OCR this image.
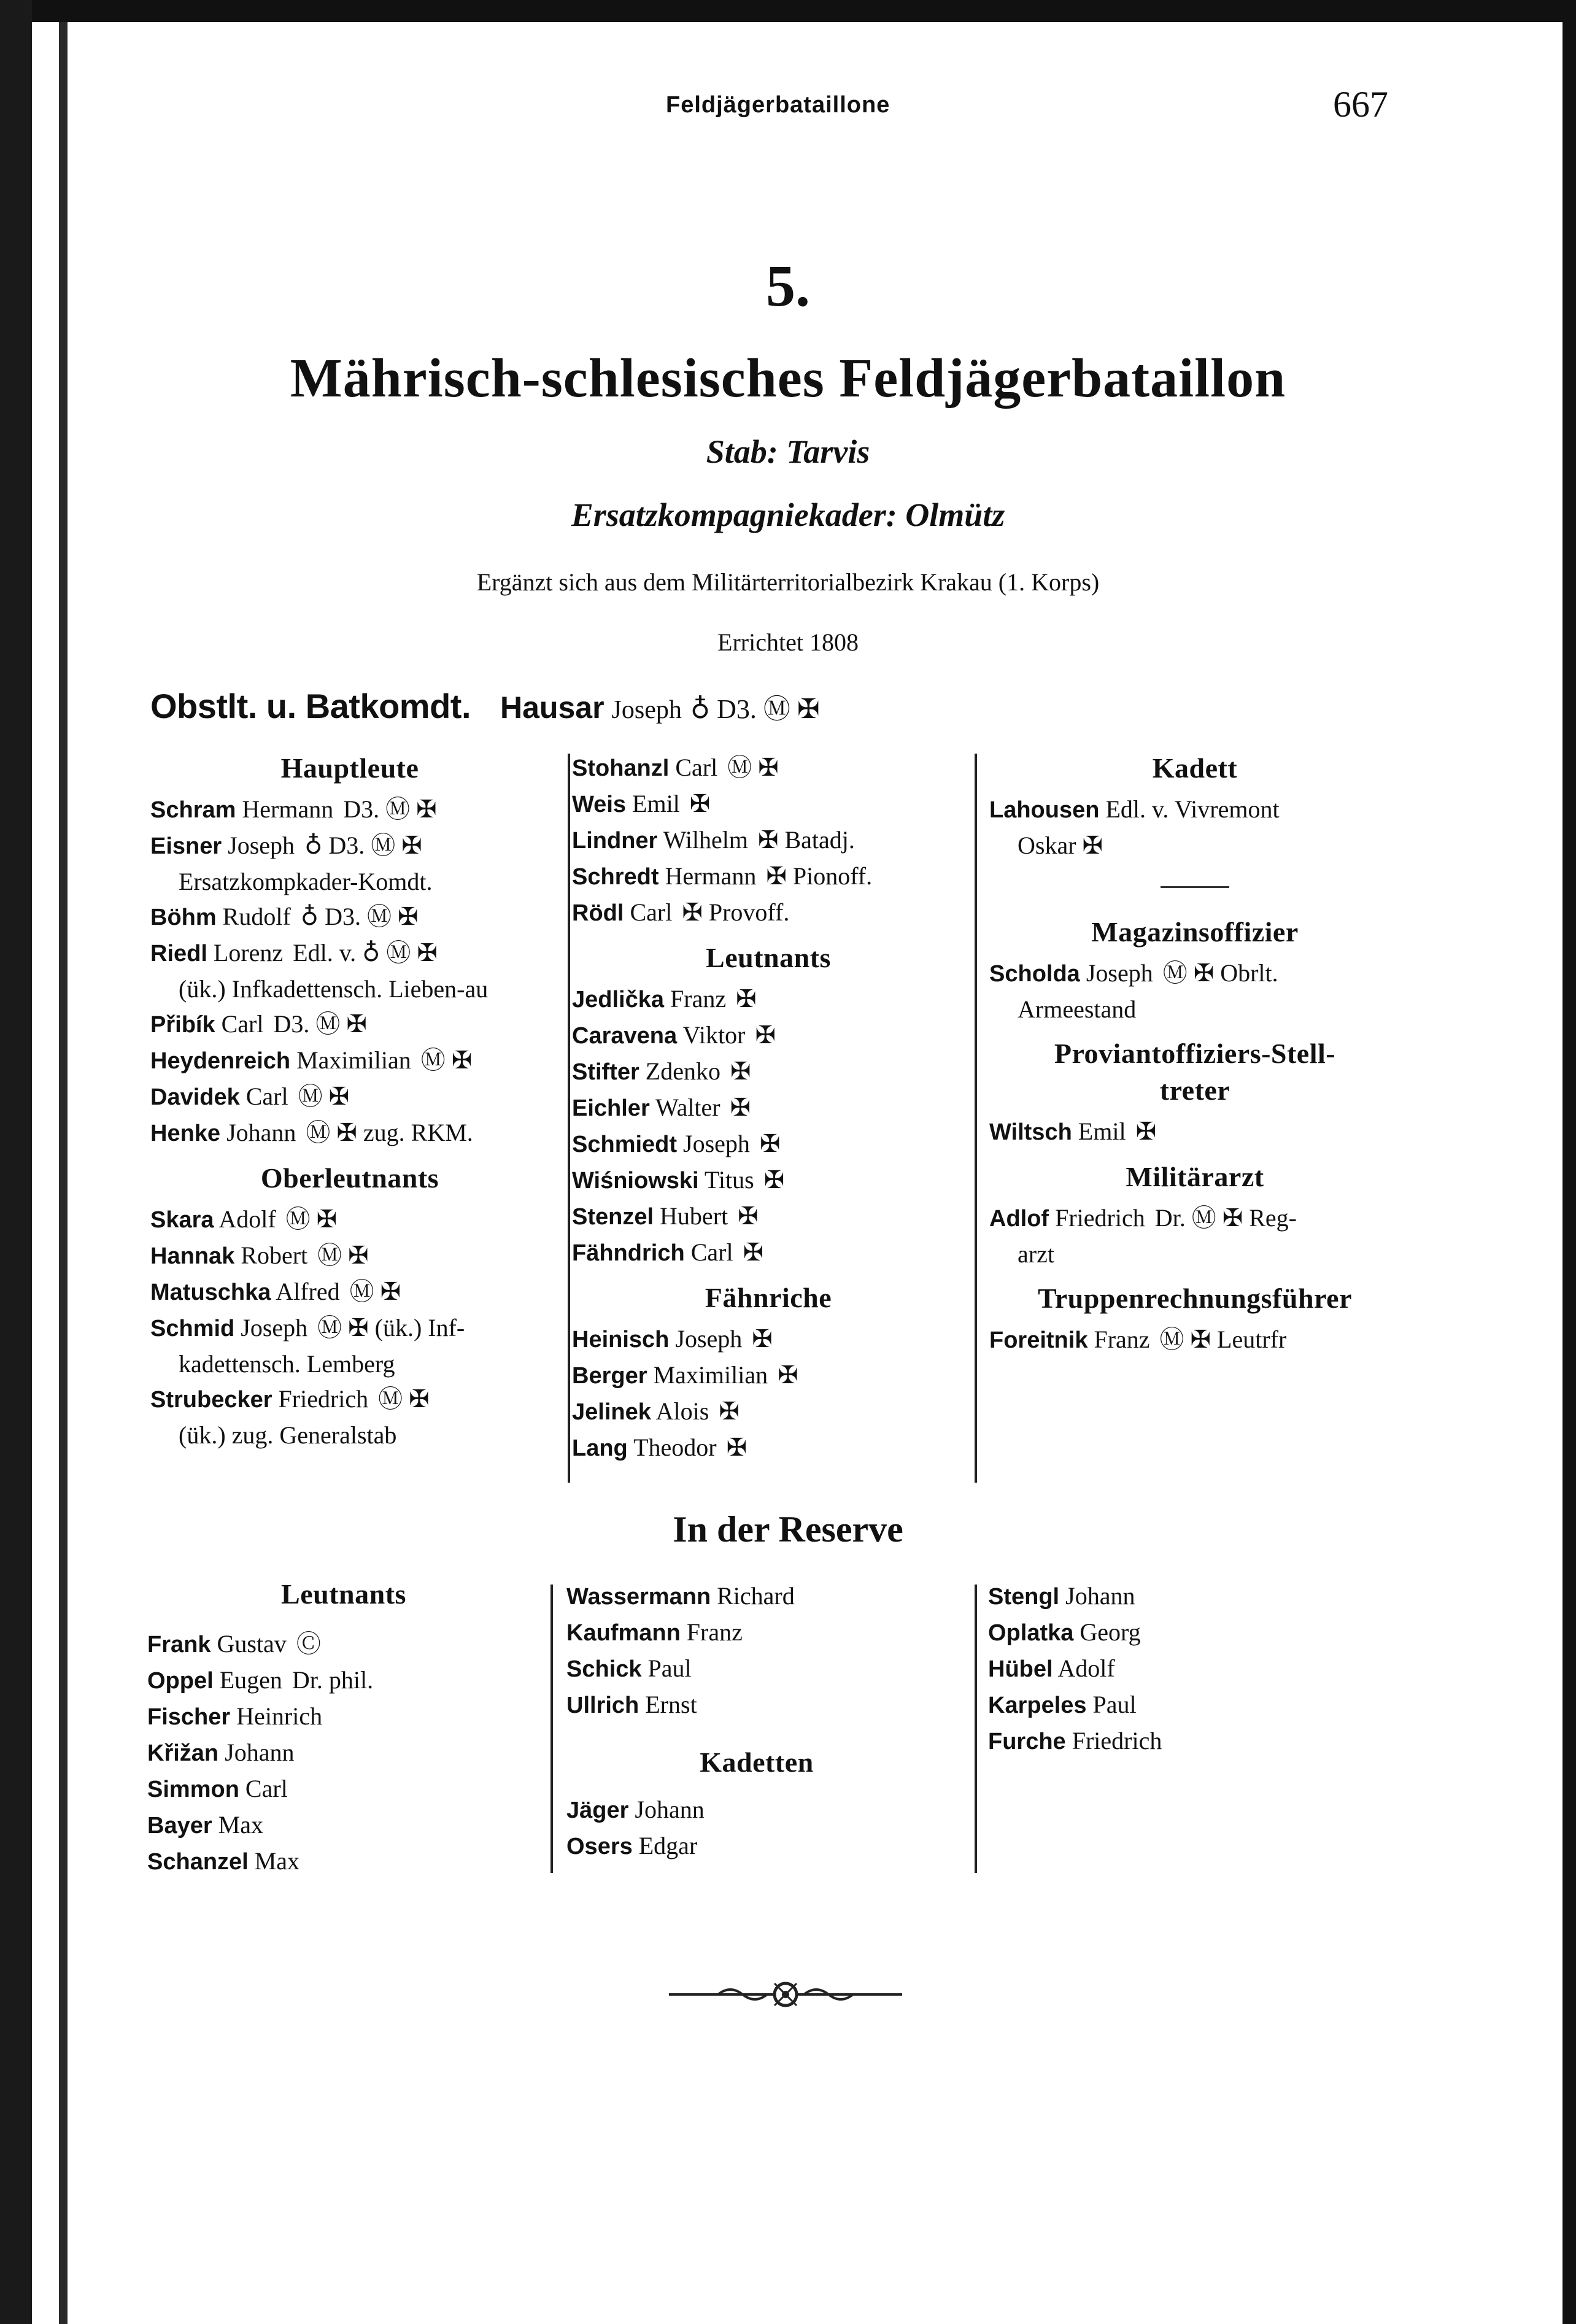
Feldjägerbataillone	667
5.
Mährisch-schlesisches Feldjägerbataillon
Stab: Tarvis
Ersatzkompagniekader: Olmütz
Ergänzt sich aus dem Militärterritorialbezirk Krakau (1. Korps)
Errichtet 1808
Obstlt. u. Batkomdt. Hausar Joseph ♁ D3. Ⓜ ✠
Hauptleute
Schram Hermann D3. Ⓜ ✠
Eisner Joseph ♁ D3. Ⓜ ✠
Ersatzkompkader-Komdt.
Böhm Rudolf ♁ D3. Ⓜ ✠
Riedl Lorenz Edl. v. ♁ Ⓜ ✠
(ük.) Infkadettensch. Lieben-au
Přibík Carl D3. Ⓜ ✠
Heydenreich Maximilian Ⓜ ✠
Davidek Carl Ⓜ ✠
Henke Johann Ⓜ ✠ zug. RKM.
Oberleutnants
Skara Adolf Ⓜ ✠
Hannak Robert Ⓜ ✠
Matuschka Alfred Ⓜ ✠
Schmid Joseph Ⓜ ✠ (ük.) Inf-
kadettensch. Lemberg
Strubecker Friedrich Ⓜ ✠
(ük.) zug. Generalstab
Stohanzl Carl Ⓜ ✠
Weis Emil ✠
Lindner Wilhelm ✠ Batadj.
Schredt Hermann ✠ Pionoff.
Rödl Carl ✠ Provoff.
Leutnants
Jedlička Franz ✠
Caravena Viktor ✠
Stifter Zdenko ✠
Eichler Walter ✠
Schmiedt Joseph ✠
Wiśniowski Titus ✠
Stenzel Hubert ✠
Fähndrich Carl ✠
Fähnriche
Heinisch Joseph ✠
Berger Maximilian ✠
Jelinek Alois ✠
Lang Theodor ✠
Kadett
Lahousen Edl. v. Vivremont
Oskar ✠
Magazinsoffizier
Scholda Joseph Ⓜ ✠ Obrlt.
Armeestand
Proviantoffiziers-Stell-
treter
Wiltsch Emil ✠
Militärarzt
Adlof Friedrich Dr. Ⓜ ✠ Reg-
arzt
Truppenrechnungsführer
Foreitnik Franz Ⓜ ✠ Leutrfr
In der Reserve
Leutnants
Frank Gustav Ⓒ
Oppel Eugen Dr. phil.
Fischer Heinrich
Křižan Johann
Simmon Carl
Bayer Max
Schanzel Max
Wassermann Richard
Kaufmann Franz
Schick Paul
Ullrich Ernst
Kadetten
Jäger Johann
Osers Edgar
Stengl Johann
Oplatka Georg
Hübel Adolf
Karpeles Paul
Furche Friedrich
